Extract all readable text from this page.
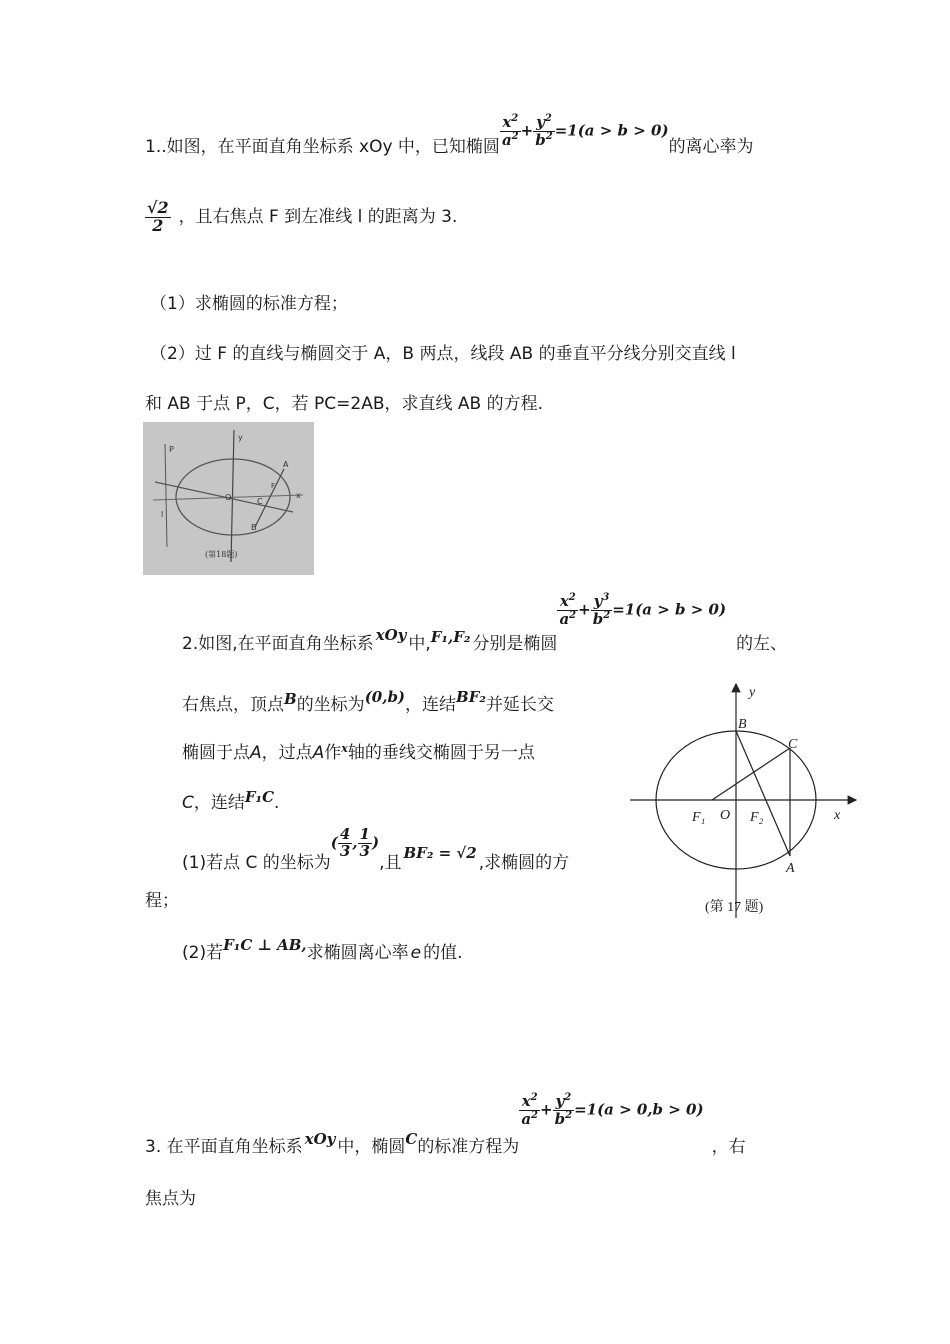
1..如图，在平面直角坐标系 xOy 中，已知椭圆 $\frac{x^2}{a^2} + \frac{y^2}{b^2} =1(a > b > 0)$的离心率为
$\frac{√2}{2}$ ，且右焦点 F 到左准线 l 的距离为 3.
（1）求椭圆的标准方程；
（2）过 F 的直线与椭圆交于 A，B 两点，线段 AB 的垂直平分线分别交直线 l
和 AB 于点 P，C，若 PC=2AB，求直线 AB 的方程.
P
y
A
O	C
F
B
x
l
(第18题)
2.如图,在平面直角坐标系 xOy 中,F₁,F₂ 分别是椭圆
$\frac{x^2}{a^2} + \frac{y^3}{b^2} =1(a > b > 0)$的左、
右焦点，顶点B的坐标为(0,b)，连结BF₂并延长交
椭圆于点A，过点A作$^x$轴的垂线交椭圆于另一点
C，连结F₁C.
(1)若点 C 的坐标为( $\frac{4}{3}$ , $\frac{1}{3}$ ),且 BF₂ = √2 ,求椭圆的方
程；
(2)若F₁C ⊥ AB,求椭圆离心率 e 的值.
y
B
C
F₁ O F₂	x
A
(第 17 题)
3. 在平面直角坐标系 xOy 中，椭圆C的标准方程为
$\frac{x^2}{a^2} + \frac{y^2}{b^2} =1(a > 0,b > 0)$，右
焦点为
